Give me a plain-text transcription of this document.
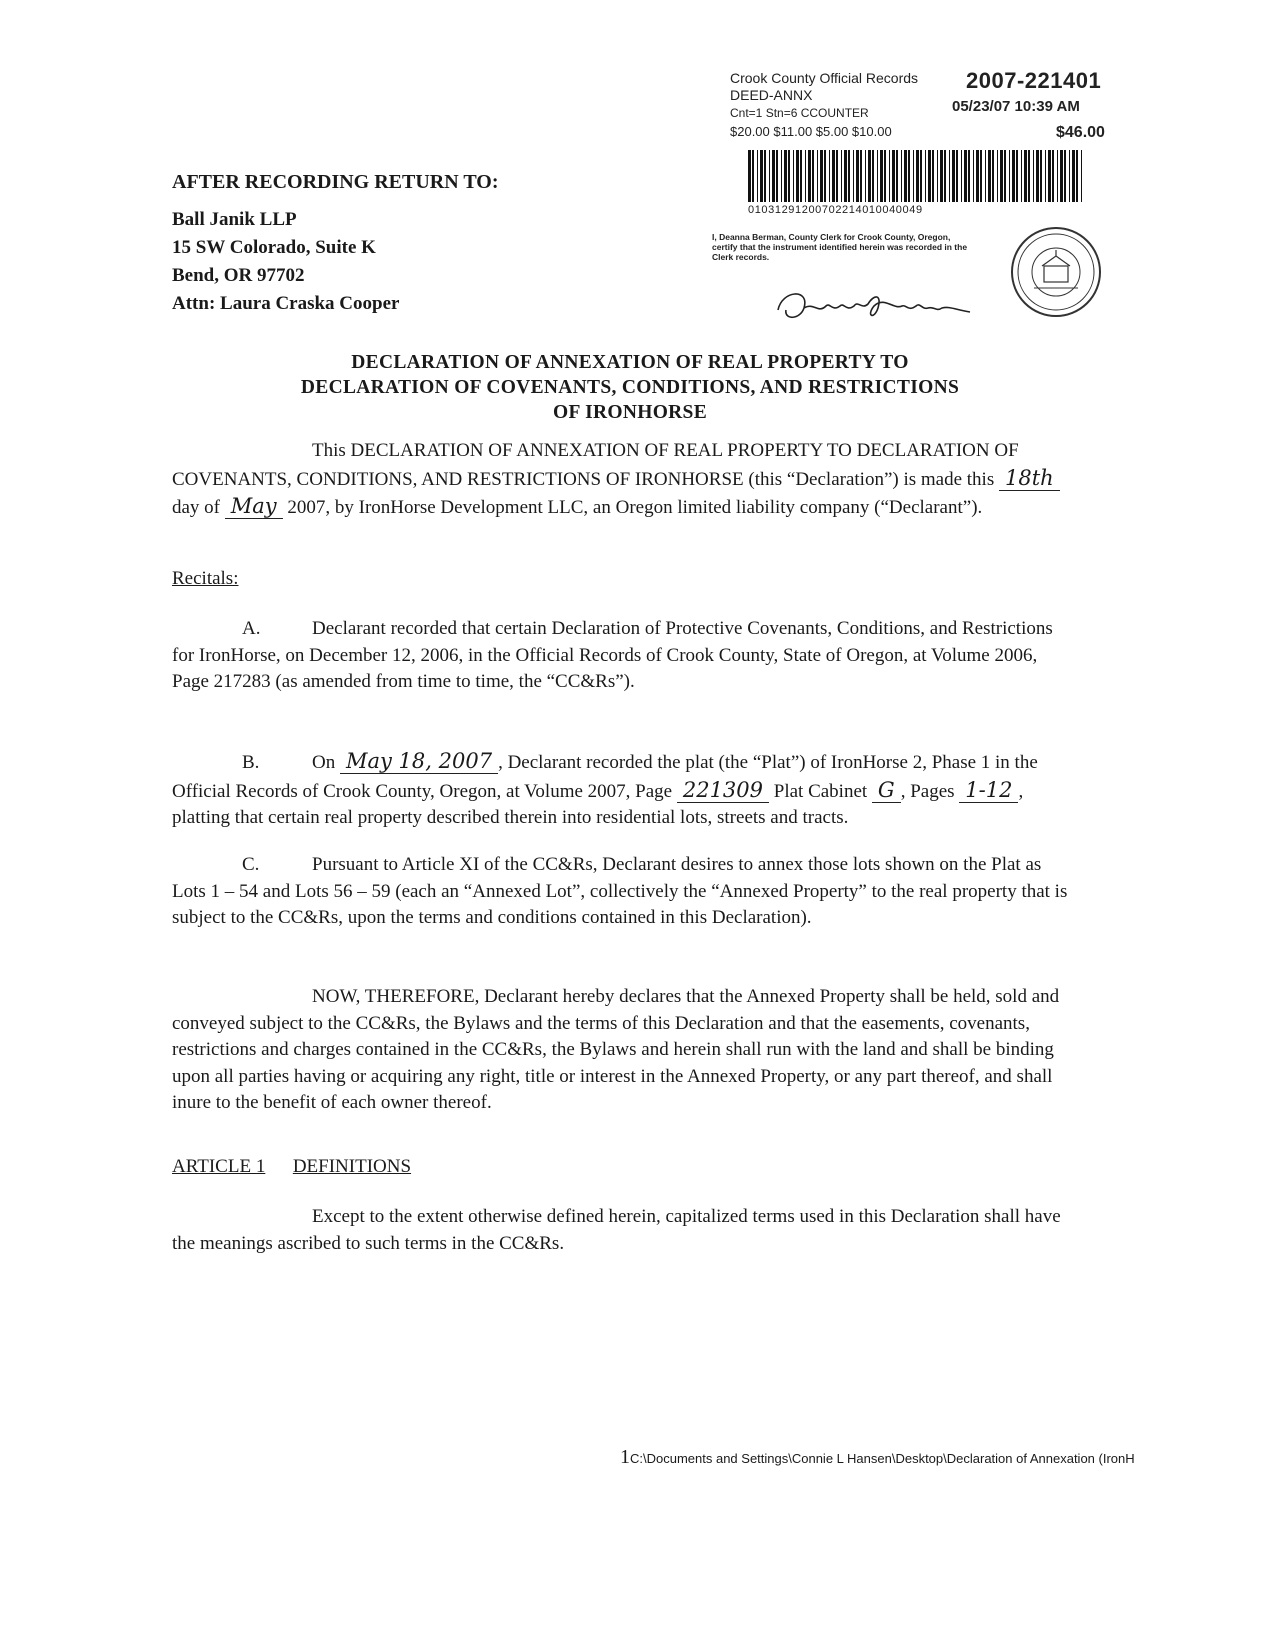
Crook County Official Records 2007-221401
DEED-ANNX
Cnt=1 Stn=6 CCOUNTER	05/23/07 10:39 AM
$20.00 $11.00 $5.00 $10.00	$46.00
01031291200702214010040049
I, Deanna Berman, County Clerk for Crook County, Oregon, certify that the instrument identified herein was recorded in the Clerk records.
AFTER RECORDING RETURN TO:
Ball Janik LLP
15 SW Colorado, Suite K
Bend, OR 97702
Attn: Laura Craska Cooper
DECLARATION OF ANNEXATION OF REAL PROPERTY TO
DECLARATION OF COVENANTS, CONDITIONS, AND RESTRICTIONS
OF IRONHORSE
This DECLARATION OF ANNEXATION OF REAL PROPERTY TO DECLARATION OF COVENANTS, CONDITIONS, AND RESTRICTIONS OF IRONHORSE (this “Declaration”) is made this 18th day of May 2007, by IronHorse Development LLC, an Oregon limited liability company (“Declarant”).
Recitals:
A.	Declarant recorded that certain Declaration of Protective Covenants, Conditions, and Restrictions for IronHorse, on December 12, 2006, in the Official Records of Crook County, State of Oregon, at Volume 2006, Page 217283 (as amended from time to time, the “CC&Rs”).
B.	On May 18, 2007 , Declarant recorded the plat (the “Plat”) of IronHorse 2, Phase 1 in the Official Records of Crook County, Oregon, at Volume 2007, Page 221309 Plat Cabinet G , Pages 1-12 , platting that certain real property described therein into residential lots, streets and tracts.
C.	Pursuant to Article XI of the CC&Rs, Declarant desires to annex those lots shown on the Plat as Lots 1 – 54 and Lots 56 – 59 (each an “Annexed Lot”, collectively the “Annexed Property” to the real property that is subject to the CC&Rs, upon the terms and conditions contained in this Declaration).
NOW, THEREFORE, Declarant hereby declares that the Annexed Property shall be held, sold and conveyed subject to the CC&Rs, the Bylaws and the terms of this Declaration and that the easements, covenants, restrictions and charges contained in the CC&Rs, the Bylaws and herein shall run with the land and shall be binding upon all parties having or acquiring any right, title or interest in the Annexed Property, or any part thereof, and shall inure to the benefit of each owner thereof.
ARTICLE 1 DEFINITIONS
Except to the extent otherwise defined herein, capitalized terms used in this Declaration shall have the meanings ascribed to such terms in the CC&Rs.
1C:\Documents and Settings\Connie L Hansen\Desktop\Declaration of Annexation (IronH
